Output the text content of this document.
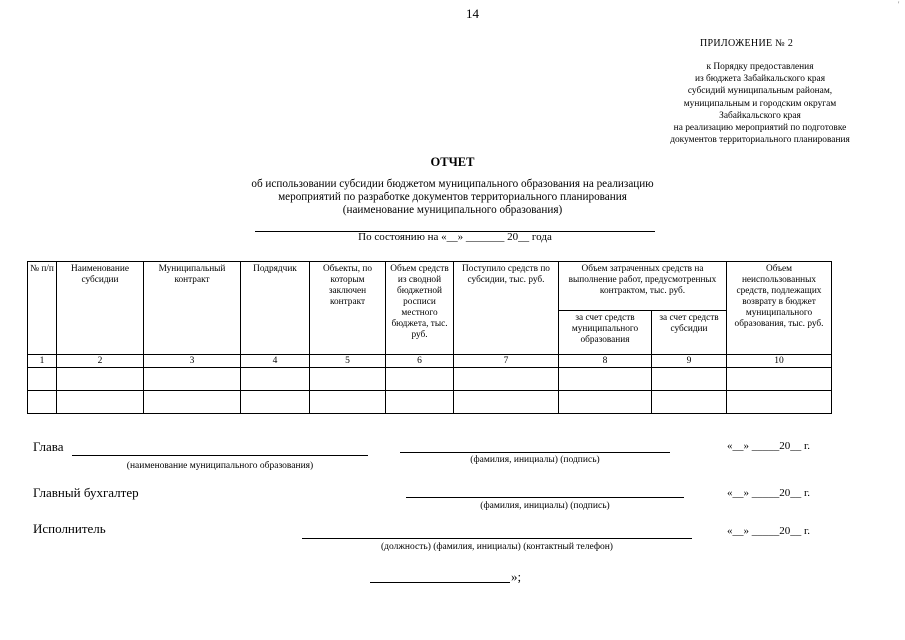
14
'
ПРИЛОЖЕНИЕ № 2
к Порядку предоставления
из бюджета Забайкальского края
субсидий муниципальным районам,
муниципальным и городским округам
Забайкальского края
на реализацию мероприятий по подготовке
документов территориального планирования
ОТЧЕТ
об использовании субсидии бюджетом муниципального образования на реализацию
мероприятий по разработке документов территориального планирования
(наименование муниципального образования)
По состоянию на «__» _______ 20__ года
№ п/п	Наименование субсидии	Муниципальный контракт	Подрядчик	Объекты, по которым заключен контракт	Объем средств из сводной бюджетной росписи местного бюджета, тыс. руб.	Поступило средств по субсидии, тыс. руб.	Объем затраченных средств на выполнение работ, предусмотренных контрактом, тыс. руб.		Объем неиспользованных средств, подлежащих возврату в бюджет муниципального образования, тыс. руб.
							за счет средств муниципального образования	за счет средств субсидии	
1	2	3	4	5	6	7	8	9	10

Глава
(наименование муниципального образования)
(фамилия, инициалы) (подпись)
«__» _____20__ г.
Главный бухгалтер
(фамилия, инициалы) (подпись)
«__» _____20__ г.
Исполнитель
(должность) (фамилия, инициалы) (контактный телефон)
«__» _____20__ г.
»;
